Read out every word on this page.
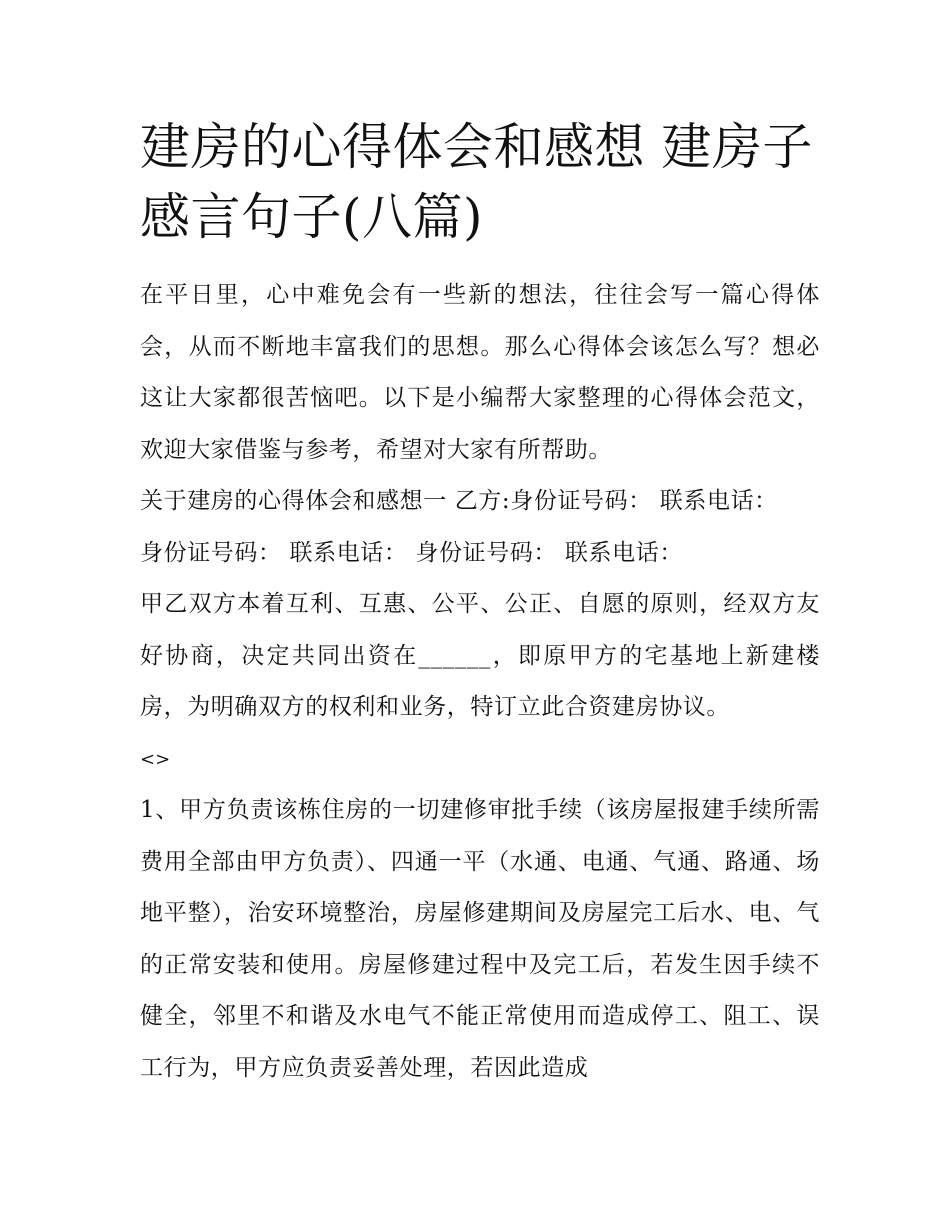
建房的心得体会和感想 建房子感言句子(八篇)

在平日里，心中难免会有一些新的想法，往往会写一篇心得体会，从而不断地丰富我们的思想。那么心得体会该怎么写？想必这让大家都很苦恼吧。以下是小编帮大家整理的心得体会范文，欢迎大家借鉴与参考，希望对大家有所帮助。

关于建房的心得体会和感想一 乙方:身份证号码： 联系电话：

身份证号码： 联系电话： 身份证号码： 联系电话：

甲乙双方本着互利、互惠、公平、公正、自愿的原则，经双方友好协商，决定共同出资在______，即原甲方的宅基地上新建楼房，为明确双方的权利和业务，特订立此合资建房协议。

<>

1、甲方负责该栋住房的一切建修审批手续（该房屋报建手续所需费用全部由甲方负责）、四通一平（水通、电通、气通、路通、场地平整），治安环境整治，房屋修建期间及房屋完工后水、电、气的正常安装和使用。房屋修建过程中及完工后，若发生因手续不健全，邻里不和谐及水电气不能正常使用而造成停工、阻工、误工行为，甲方应负责妥善处理，若因此造成
